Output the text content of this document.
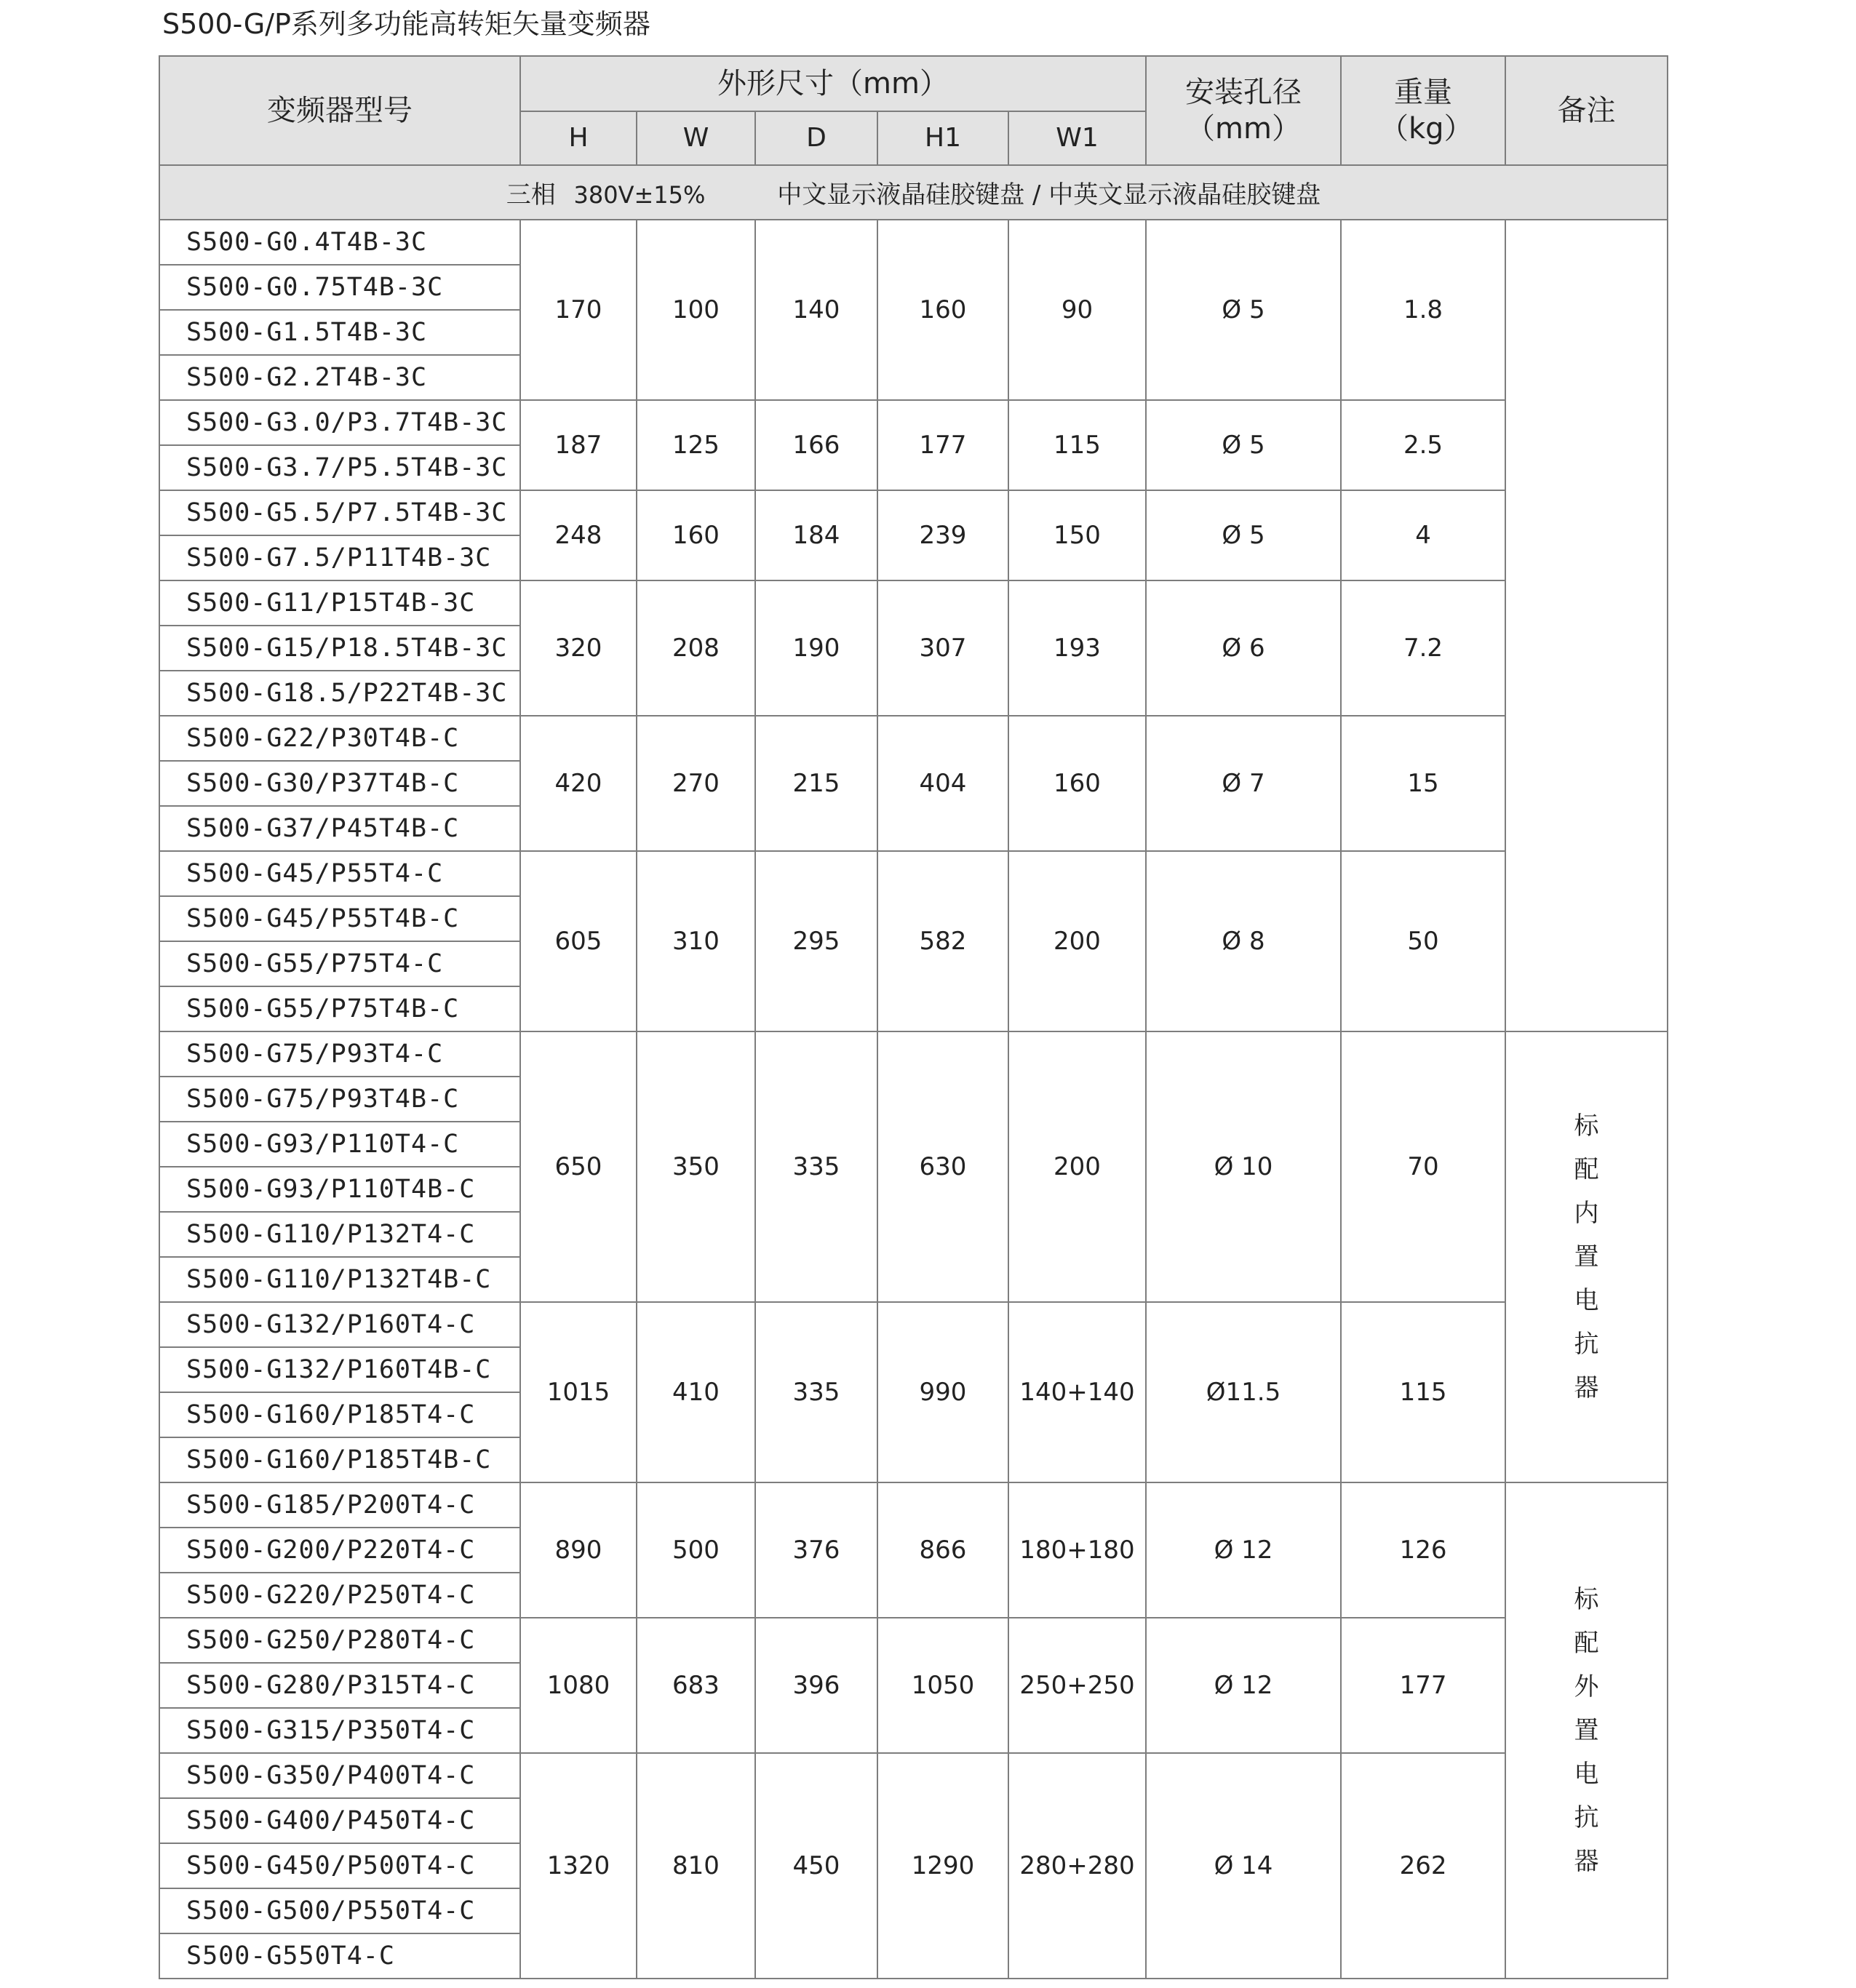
S500-G/P系列多功能高转矩矢量变频器
变频器型号	外形尺寸（mm）					安装孔径（mm）	重量（kg）	备注
	H	W	D	H1	W1			
三相 380V±15% 中文显示液晶硅胶键盘 / 中英文显示液晶硅胶键盘								
S500-G0.4T4B-3C	170	100	140	160	90	Ø 5	1.8	
S500-G0.75T4B-3C								
S500-G1.5T4B-3C								
S500-G2.2T4B-3C								
S500-G3.0/P3.7T4B-3C	187	125	166	177	115	Ø 5	2.5	
S500-G3.7/P5.5T4B-3C								
S500-G5.5/P7.5T4B-3C	248	160	184	239	150	Ø 5	4	
S500-G7.5/P11T4B-3C								
S500-G11/P15T4B-3C	320	208	190	307	193	Ø 6	7.2	
S500-G15/P18.5T4B-3C								
S500-G18.5/P22T4B-3C								
S500-G22/P30T4B-C	420	270	215	404	160	Ø 7	15	
S500-G30/P37T4B-C								
S500-G37/P45T4B-C								
S500-G45/P55T4-C	605	310	295	582	200	Ø 8	50	
S500-G45/P55T4B-C								
S500-G55/P75T4-C								
S500-G55/P75T4B-C								
S500-G75/P93T4-C	650	350	335	630	200	Ø 10	70	标配内置电抗器
S500-G75/P93T4B-C								
S500-G93/P110T4-C								
S500-G93/P110T4B-C								
S500-G110/P132T4-C								
S500-G110/P132T4B-C								
S500-G132/P160T4-C	1015	410	335	990	140+140	Ø11.5	115	
S500-G132/P160T4B-C								
S500-G160/P185T4-C								
S500-G160/P185T4B-C								
S500-G185/P200T4-C	890	500	376	866	180+180	Ø 12	126	标配外置电抗器
S500-G200/P220T4-C								
S500-G220/P250T4-C								
S500-G250/P280T4-C	1080	683	396	1050	250+250	Ø 12	177	
S500-G280/P315T4-C								
S500-G315/P350T4-C								
S500-G350/P400T4-C	1320	810	450	1290	280+280	Ø 14	262	
S500-G400/P450T4-C								
S500-G450/P500T4-C								
S500-G500/P550T4-C								
S500-G550T4-C								
